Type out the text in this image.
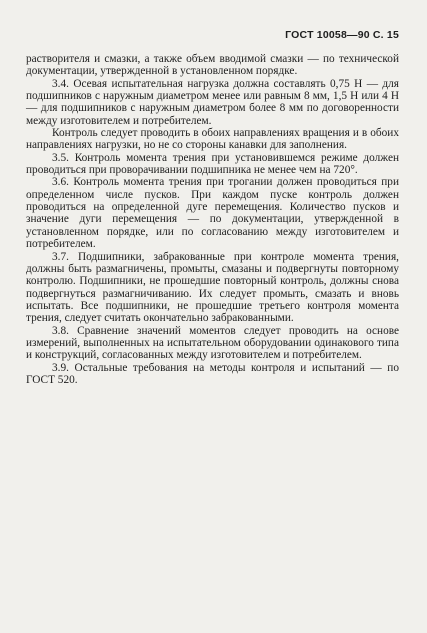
ГОСТ 10058—90 С. 15

растворителя и смазки, а также объем вводимой смазки — по технической документации, утвержденной в установленном порядке.

3.4. Осевая испытательная нагрузка должна составлять 0,75 Н — для подшипников с наружным диаметром менее или равным 8 мм, 1,5 Н или 4 Н — для подшипников с наружным диаметром более 8 мм по договоренности между изготовителем и потребителем.

Контроль следует проводить в обоих направлениях вращения и в обоих направлениях нагрузки, но не со стороны канавки для заполнения.

3.5. Контроль момента трения при установившемся режиме должен проводиться при проворачивании подшипника не менее чем на 720°.

3.6. Контроль момента трения при трогании должен проводиться при определенном числе пусков. При каждом пуске контроль должен проводиться на определенной дуге перемещения. Количество пусков и значение дуги перемещения — по документации, утвержденной в установленном порядке, или по согласованию между изготовителем и потребителем.

3.7. Подшипники, забракованные при контроле момента трения, должны быть размагничены, промыты, смазаны и подвергнуты повторному контролю. Подшипники, не прошедшие повторный контроль, должны снова подвергнуться размагничиванию. Их следует промыть, смазать и вновь испытать. Все подшипники, не прошедшие третьего контроля момента трения, следует считать окончательно забракованными.

3.8. Сравнение значений моментов следует проводить на основе измерений, выполненных на испытательном оборудовании одинакового типа и конструкций, согласованных между изготовителем и потребителем.

3.9. Остальные требования на методы контроля и испытаний — по ГОСТ 520.
